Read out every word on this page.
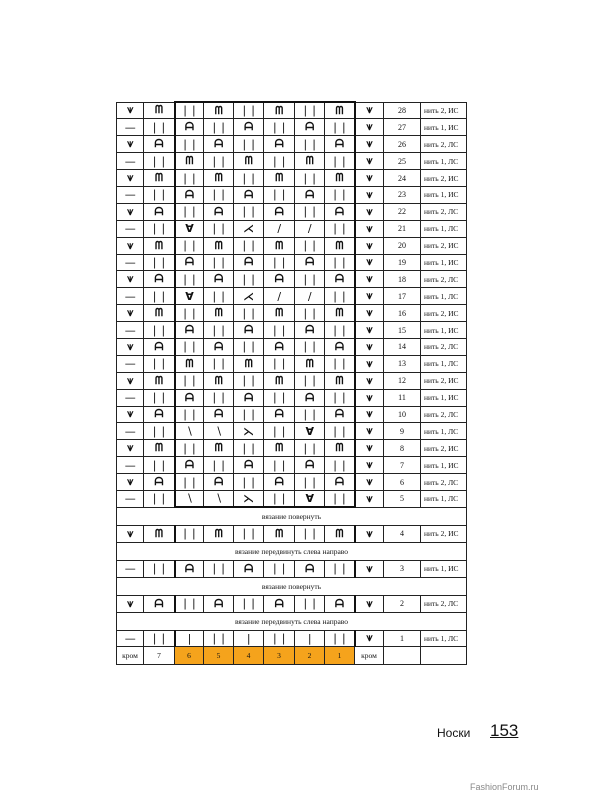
⩛	ᗰ	❘❘	ᗰ	❘❘	ᗰ	❘❘	ᗰ	⩛	28	нить 2, ИС
—	❘❘	ᗩ	❘❘	ᗩ	❘❘	ᗩ	❘❘	⩛	27	нить 1, ИС
⩛	ᗩ	❘❘	ᗩ	❘❘	ᗩ	❘❘	ᗩ	⩛	26	нить 2, ЛС
—	❘❘	ᗰ	❘❘	ᗰ	❘❘	ᗰ	❘❘	⩛	25	нить 1, ЛС
⩛	ᗰ	❘❘	ᗰ	❘❘	ᗰ	❘❘	ᗰ	⩛	24	нить 2, ИС
—	❘❘	ᗩ	❘❘	ᗩ	❘❘	ᗩ	❘❘	⩛	23	нить 1, ИС
⩛	ᗩ	❘❘	ᗩ	❘❘	ᗩ	❘❘	ᗩ	⩛	22	нить 2, ЛС
—	❘❘	∀	❘❘	⋌	∕	∕	❘❘	⩛	21	нить 1, ЛС
⩛	ᗰ	❘❘	ᗰ	❘❘	ᗰ	❘❘	ᗰ	⩛	20	нить 2, ИС
—	❘❘	ᗩ	❘❘	ᗩ	❘❘	ᗩ	❘❘	⩛	19	нить 1, ИС
⩛	ᗩ	❘❘	ᗩ	❘❘	ᗩ	❘❘	ᗩ	⩛	18	нить 2, ЛС
—	❘❘	∀	❘❘	⋌	∕	∕	❘❘	⩛	17	нить 1, ЛС
⩛	ᗰ	❘❘	ᗰ	❘❘	ᗰ	❘❘	ᗰ	⩛	16	нить 2, ИС
—	❘❘	ᗩ	❘❘	ᗩ	❘❘	ᗩ	❘❘	⩛	15	нить 1, ИС
⩛	ᗩ	❘❘	ᗩ	❘❘	ᗩ	❘❘	ᗩ	⩛	14	нить 2, ЛС
—	❘❘	ᗰ	❘❘	ᗰ	❘❘	ᗰ	❘❘	⩛	13	нить 1, ЛС
⩛	ᗰ	❘❘	ᗰ	❘❘	ᗰ	❘❘	ᗰ	⩛	12	нить 2, ИС
—	❘❘	ᗩ	❘❘	ᗩ	❘❘	ᗩ	❘❘	⩛	11	нить 1, ИС
⩛	ᗩ	❘❘	ᗩ	❘❘	ᗩ	❘❘	ᗩ	⩛	10	нить 2, ЛС
—	❘❘	∖	∖	⋋	❘❘	∀	❘❘	⩛	9	нить 1, ЛС
⩛	ᗰ	❘❘	ᗰ	❘❘	ᗰ	❘❘	ᗰ	⩛	8	нить 2, ИС
—	❘❘	ᗩ	❘❘	ᗩ	❘❘	ᗩ	❘❘	⩛	7	нить 1, ИС
⩛	ᗩ	❘❘	ᗩ	❘❘	ᗩ	❘❘	ᗩ	⩛	6	нить 2, ЛС
—	❘❘	∖	∖	⋋	❘❘	∀	❘❘	⩛	5	нить 1, ЛС
вязание повернуть										
⩛	ᗰ	❘❘	ᗰ	❘❘	ᗰ	❘❘	ᗰ	⩛	4	нить 2, ИС
вязание передвинуть слева направо										
—	❘❘	ᗩ	❘❘	ᗩ	❘❘	ᗩ	❘❘	⩛	3	нить 1, ИС
вязание повернуть										
⩛	ᗩ	❘❘	ᗩ	❘❘	ᗩ	❘❘	ᗩ	⩛	2	нить 2, ЛС
вязание передвинуть слева направо										
—	❘❘	|	❘❘	|	❘❘	|	❘❘	⩛	1	нить 1, ЛС
кром	7	6	5	4	3	2	1	кром		
Носки 153
FashionForum.ru
